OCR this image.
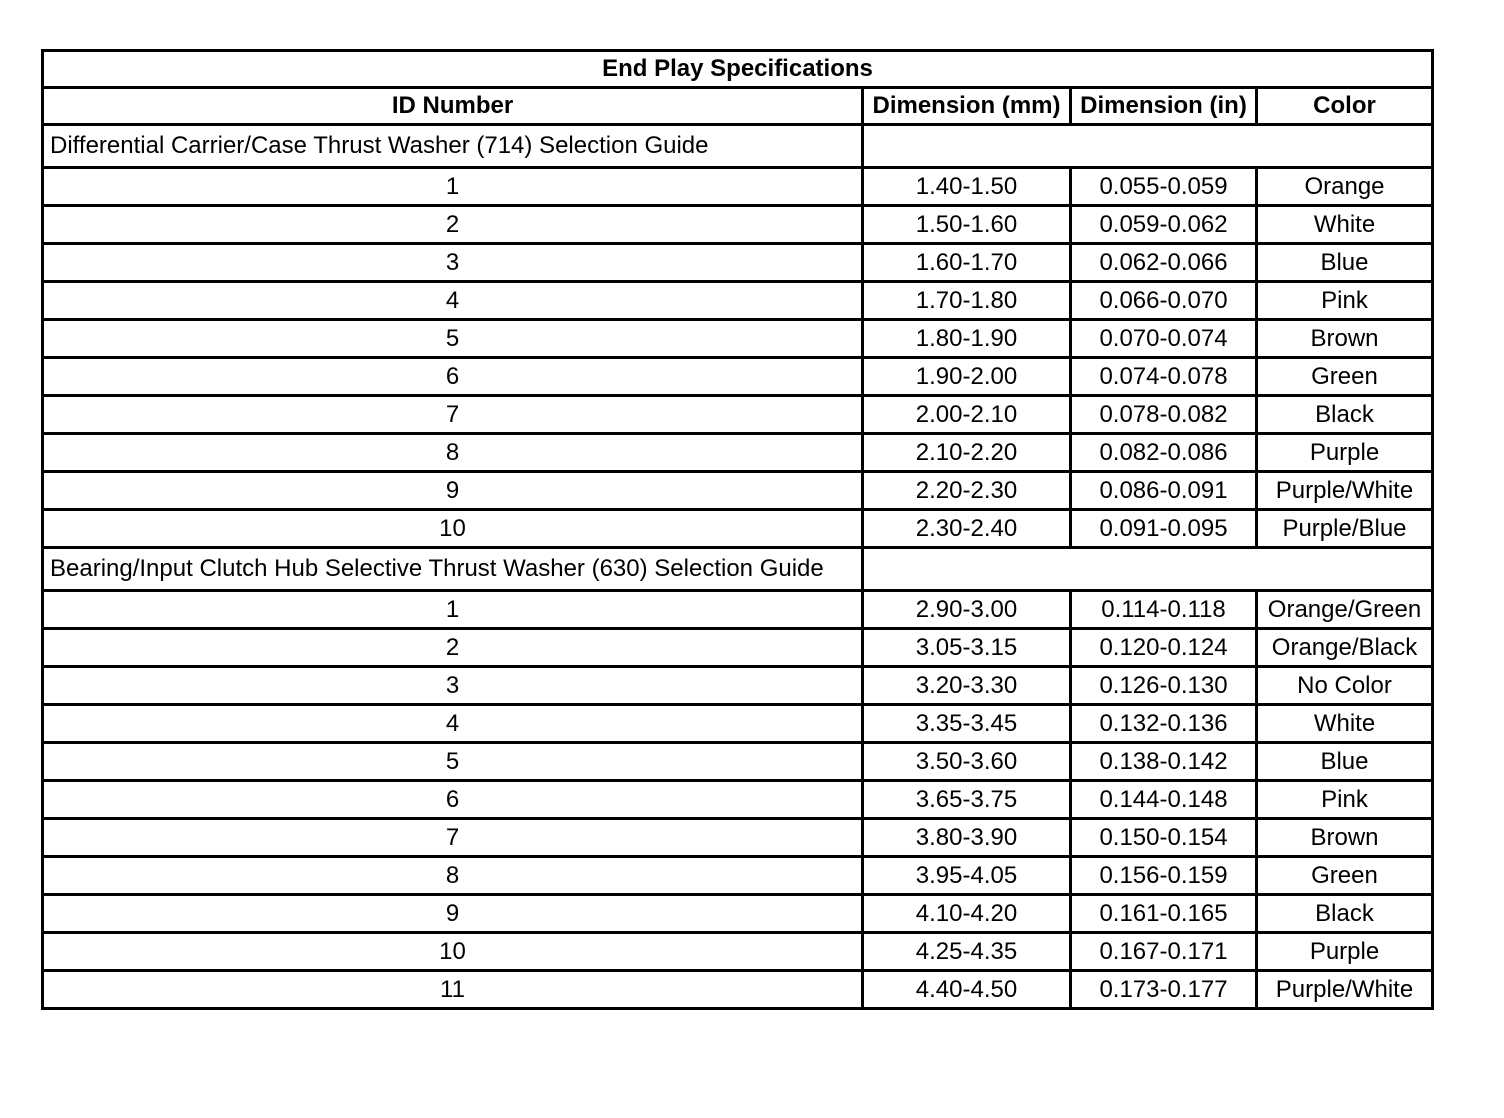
End Play Specifications			
ID Number	Dimension (mm)	Dimension (in)	Color
Differential Carrier/Case Thrust Washer (714) Selection Guide			
1	1.40-1.50	0.055-0.059	Orange
2	1.50-1.60	0.059-0.062	White
3	1.60-1.70	0.062-0.066	Blue
4	1.70-1.80	0.066-0.070	Pink
5	1.80-1.90	0.070-0.074	Brown
6	1.90-2.00	0.074-0.078	Green
7	2.00-2.10	0.078-0.082	Black
8	2.10-2.20	0.082-0.086	Purple
9	2.20-2.30	0.086-0.091	Purple/White
10	2.30-2.40	0.091-0.095	Purple/Blue
Bearing/Input Clutch Hub Selective Thrust Washer (630) Selection Guide			
1	2.90-3.00	0.114-0.118	Orange/Green
2	3.05-3.15	0.120-0.124	Orange/Black
3	3.20-3.30	0.126-0.130	No Color
4	3.35-3.45	0.132-0.136	White
5	3.50-3.60	0.138-0.142	Blue
6	3.65-3.75	0.144-0.148	Pink
7	3.80-3.90	0.150-0.154	Brown
8	3.95-4.05	0.156-0.159	Green
9	4.10-4.20	0.161-0.165	Black
10	4.25-4.35	0.167-0.171	Purple
11	4.40-4.50	0.173-0.177	Purple/White
